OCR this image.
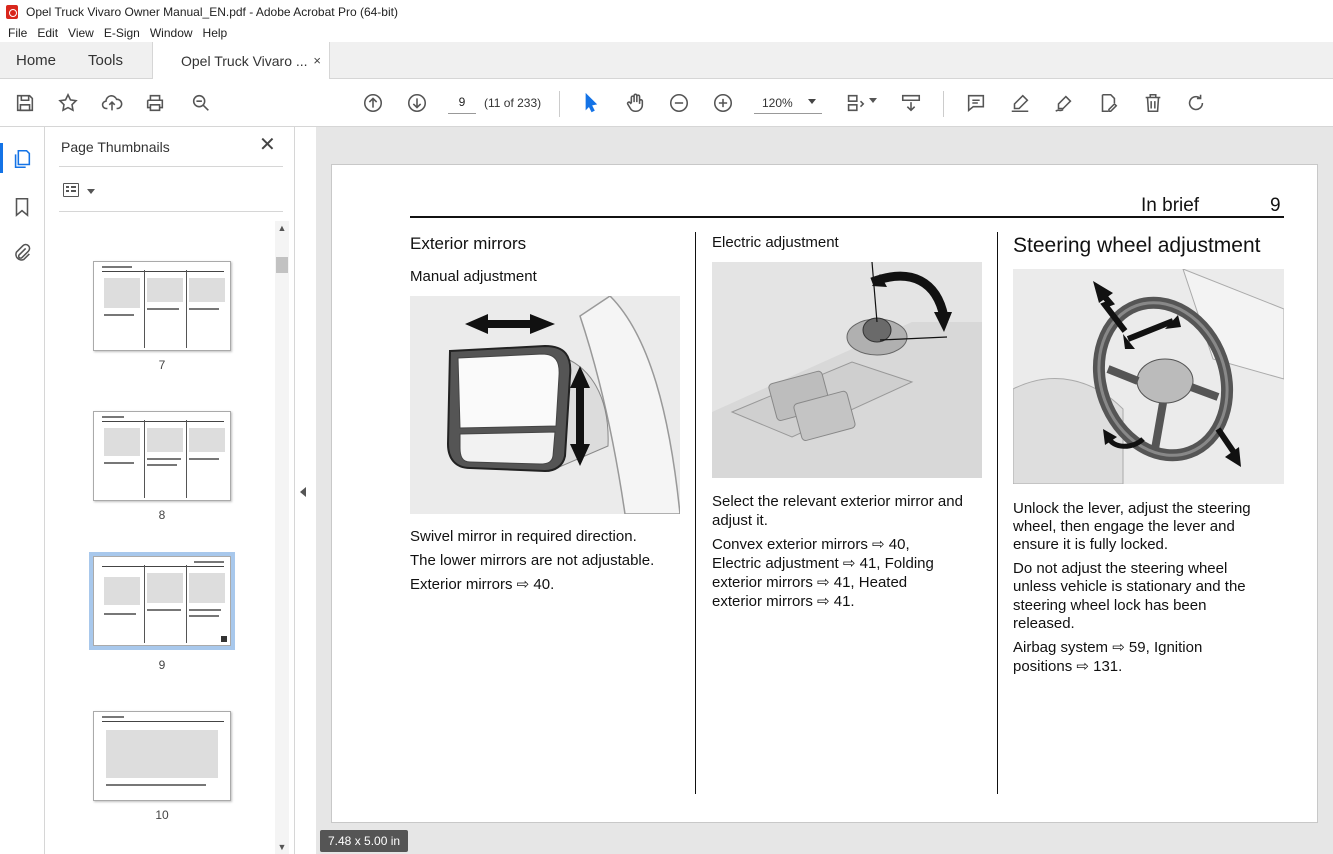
Opel Truck Vivaro Owner Manual_EN.pdf - Adobe Acrobat Pro (64-bit)
File Edit View E-Sign Window Help
Home Tools	Opel Truck Vivaro ... ×
9
(11 of 233)	120%
Page Thumbnails	✕
▲
▼
7
8
9
10
In brief	9
Exterior mirrors
Manual adjustment
Swivel mirror in required direction.
The lower mirrors are not adjustable.
Exterior mirrors ⇨ 40.
Electric adjustment
Select the relevant exterior mirror and
adjust it.
Convex exterior mirrors ⇨ 40,
Electric adjustment ⇨ 41, Folding
exterior mirrors ⇨ 41, Heated
exterior mirrors ⇨ 41.
Steering wheel adjustment
Unlock the lever, adjust the steering
wheel, then engage the lever and
ensure it is fully locked.
Do not adjust the steering wheel
unless vehicle is stationary and the
steering wheel lock has been
released.
Airbag system ⇨ 59, Ignition
positions ⇨ 131.
7.48 x 5.00 in
